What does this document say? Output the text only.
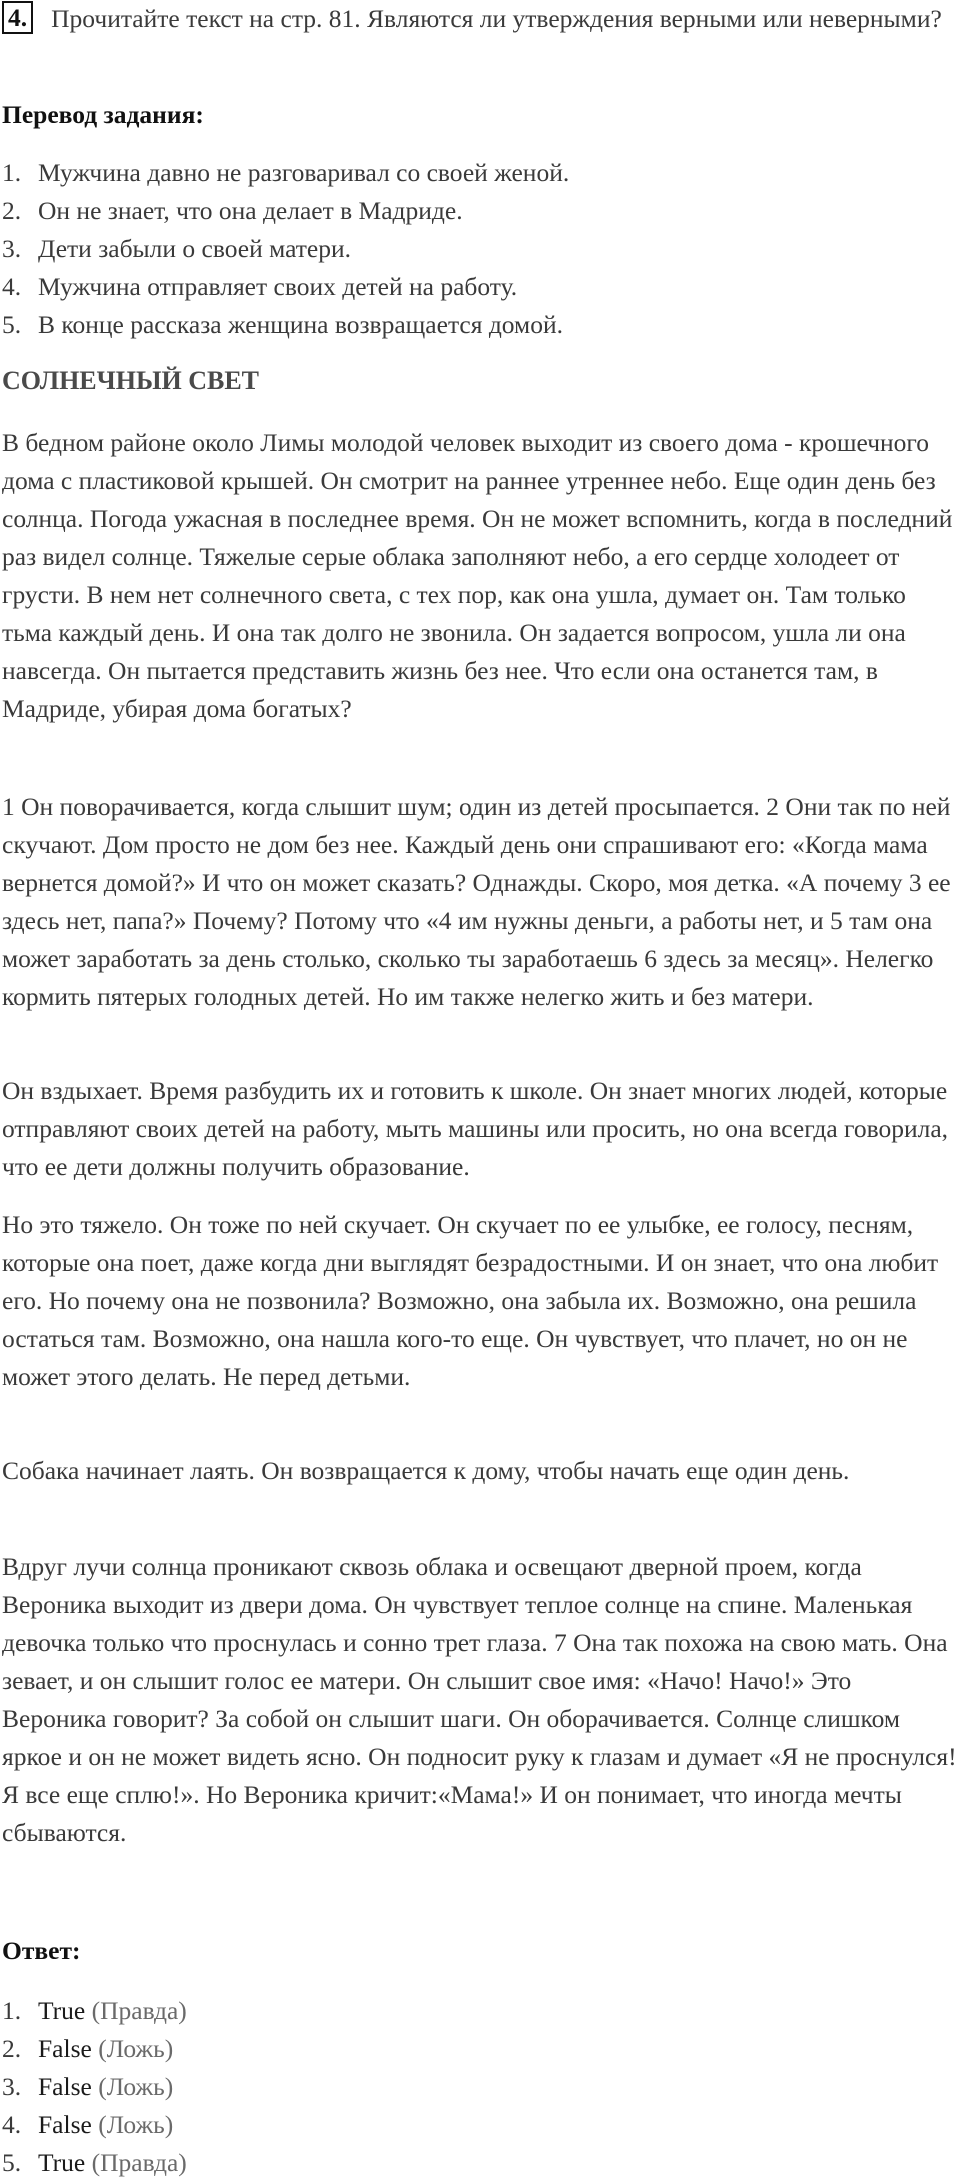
4. Прочитайте текст на стр. 81. Являются ли утверждения верными или неверными?
Перевод задания:
1. Мужчина давно не разговаривал со своей женой.
2. Он не знает, что она делает в Мадриде.
3. Дети забыли о своей матери.
4. Мужчина отправляет своих детей на работу.
5. В конце рассказа женщина возвращается домой.
СОЛНЕЧНЫЙ СВЕТ

В бедном районе около Лимы молодой человек выходит из своего дома - крошечного дома с пластиковой крышей. Он смотрит на раннее утреннее небо. Еще один день без солнца. Погода ужасная в последнее время. Он не может вспомнить, когда в последний раз видел солнце. Тяжелые серые облака заполняют небо, а его сердце холодеет от грусти. В нем нет солнечного света, с тех пор, как она ушла, думает он. Там только тьма каждый день. И она так долго не звонила. Он задается вопросом, ушла ли она навсегда. Он пытается представить жизнь без нее. Что если она останется там, в Мадриде, убирая дома богатых?

1 Он поворачивается, когда слышит шум; один из детей просыпается. 2 Они так по ней скучают. Дом просто не дом без нее. Каждый день они спрашивают его: «Когда мама вернется домой?» И что он может сказать? Однажды. Скоро, моя детка. «А почему 3 ее здесь нет, папа?» Почему? Потому что «4 им нужны деньги, а работы нет, и 5 там она может заработать за день столько, сколько ты заработаешь 6 здесь за месяц». Нелегко кормить пятерых голодных детей. Но им также нелегко жить и без матери.

Он вздыхает. Время разбудить их и готовить к школе. Он знает многих людей, которые отправляют своих детей на работу, мыть машины или просить, но она всегда говорила, что ее дети должны получить образование.

Но это тяжело. Он тоже по ней скучает. Он скучает по ее улыбке, ее голосу, песням, которые она поет, даже когда дни выглядят безрадостными. И он знает, что она любит его. Но почему она не позвонила? Возможно, она забыла их. Возможно, она решила остаться там. Возможно, она нашла кого-то еще. Он чувствует, что плачет, но он не может этого делать. Не перед детьми.

Собака начинает лаять. Он возвращается к дому, чтобы начать еще один день.

Вдруг лучи солнца проникают сквозь облака и освещают дверной проем, когда Вероника выходит из двери дома. Он чувствует теплое солнце на спине. Маленькая девочка только что проснулась и сонно трет глаза. 7 Она так похожа на свою мать. Она зевает, и он слышит голос ее матери. Он слышит свое имя: «Начо! Начо!» Это Вероника говорит? За собой он слышит шаги. Он оборачивается. Солнце слишком яркое и он не может видеть ясно. Он подносит руку к глазам и думает «Я не проснулся! Я все еще сплю!». Но Вероника кричит:«Мама!» И он понимает, что иногда мечты сбываются.

Ответ:
1. True (Правда)
2. False (Ложь)
3. False (Ложь)
4. False (Ложь)
5. True (Правда)
